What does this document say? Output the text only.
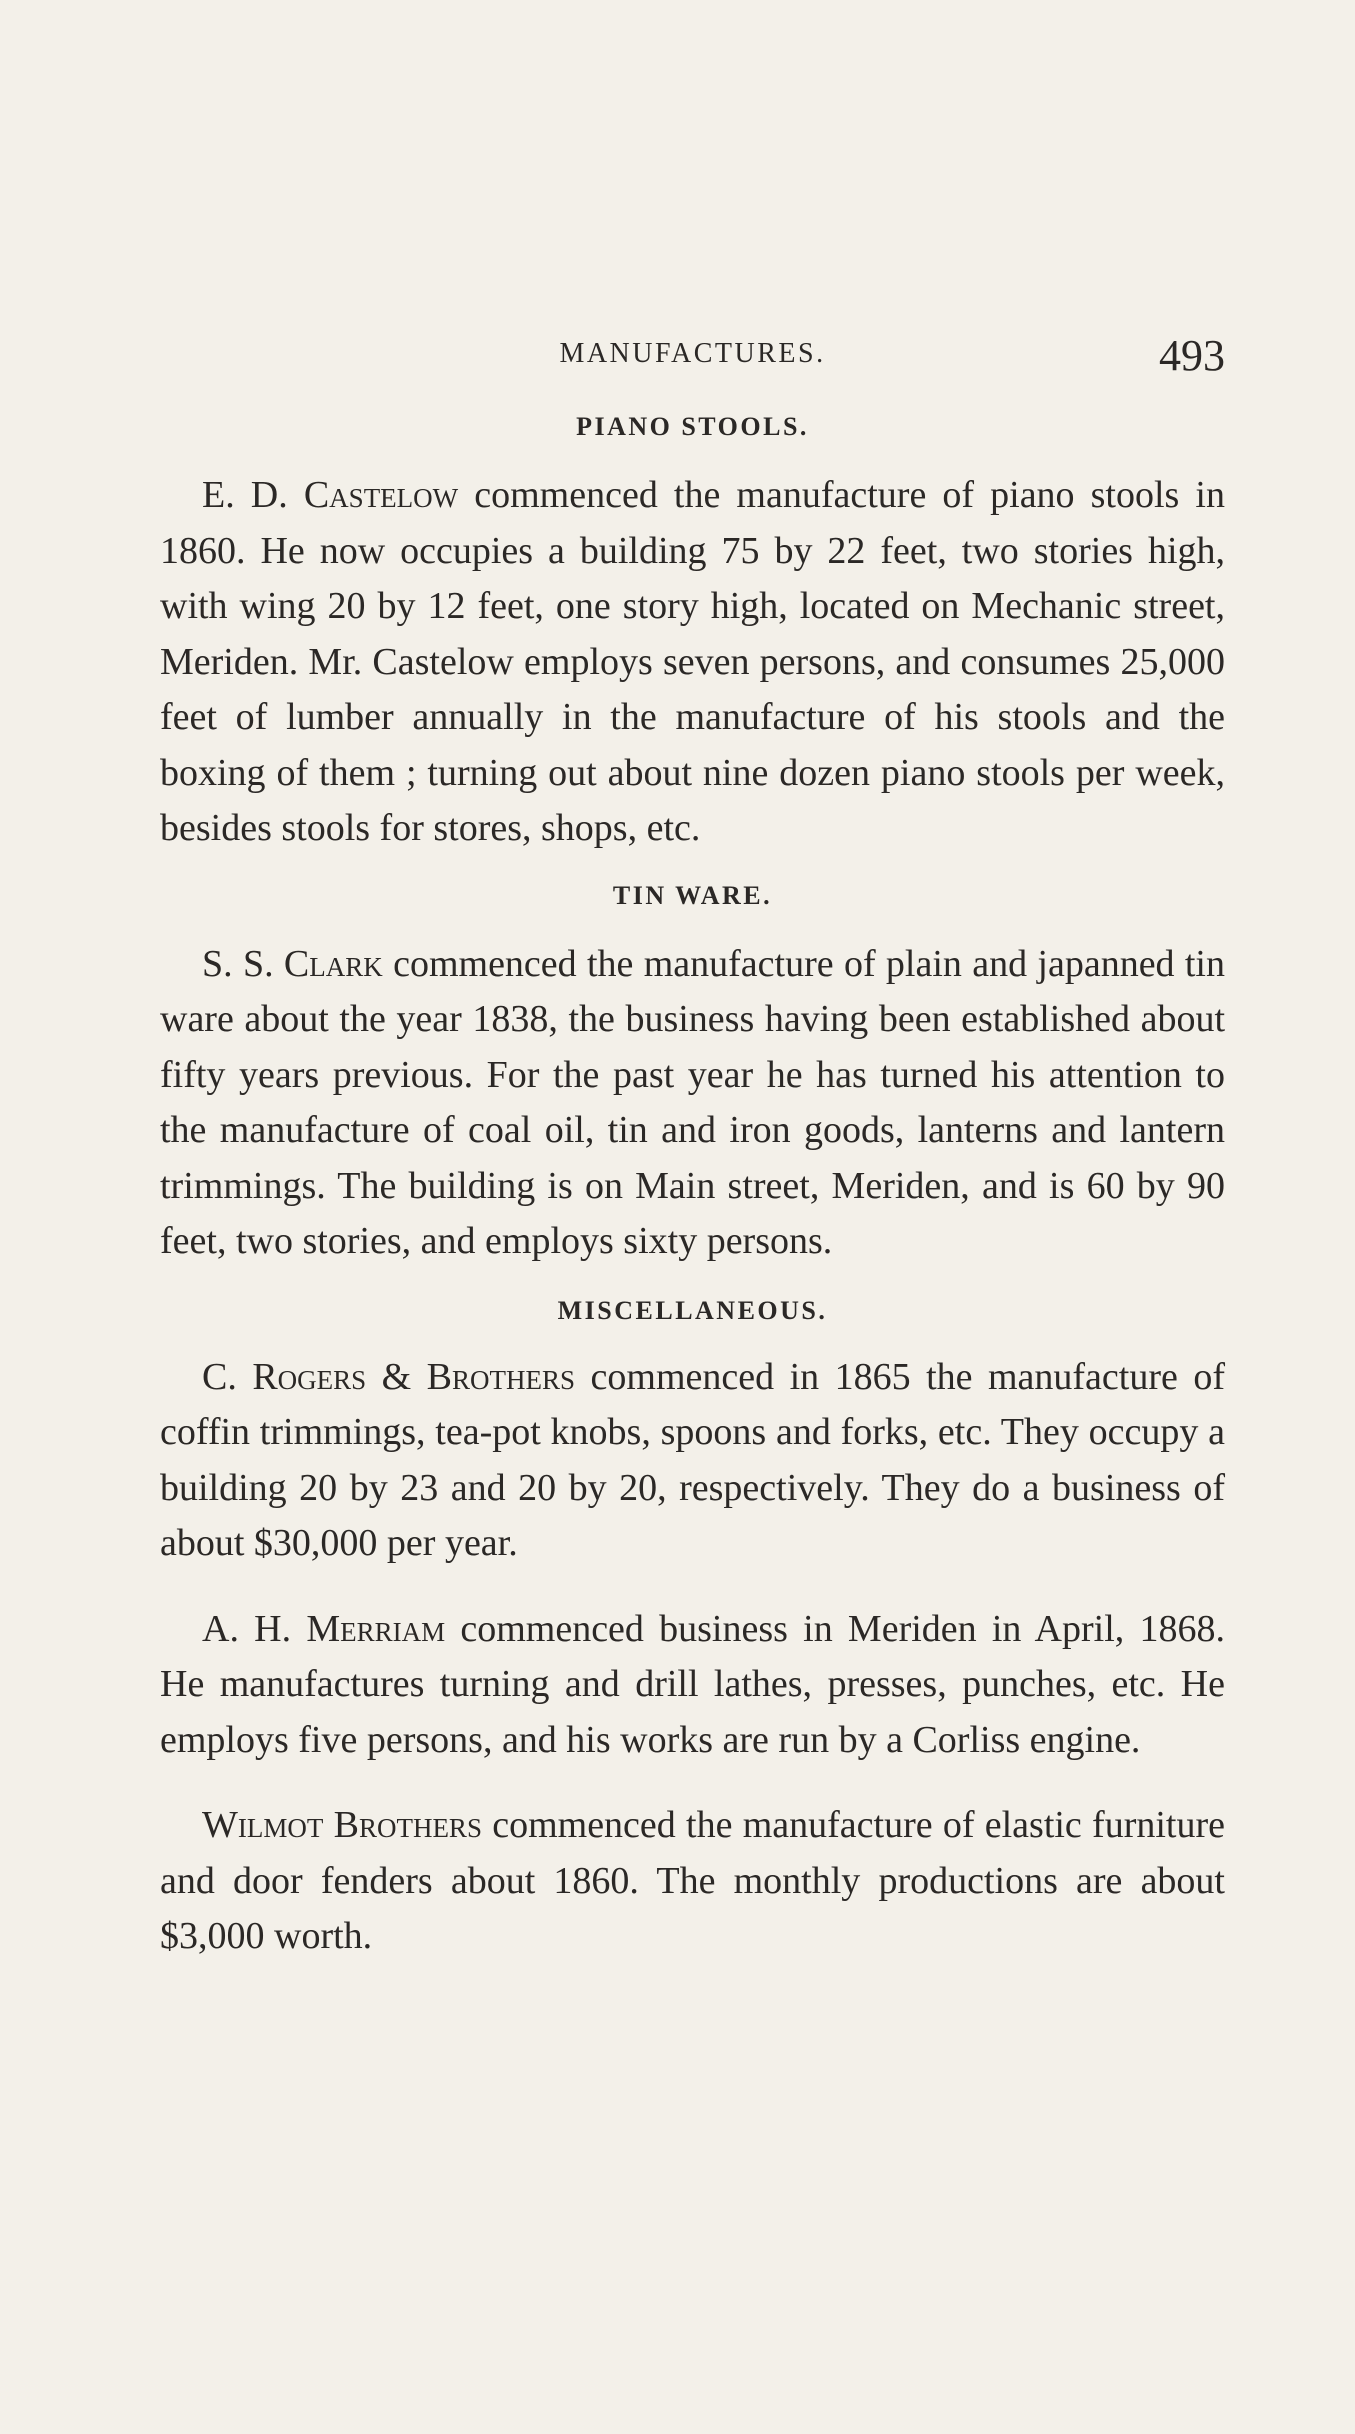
MANUFACTURES.	493
PIANO STOOLS.

E. D. Castelow commenced the manufacture of piano stools in 1860. He now occupies a building 75 by 22 feet, two stories high, with wing 20 by 12 feet, one story high, located on Mechanic street, Meriden. Mr. Castelow employs seven persons, and consumes 25,000 feet of lumber annually in the manufacture of his stools and the boxing of them ; turning out about nine dozen piano stools per week, besides stools for stores, shops, etc.

TIN WARE.

S. S. Clark commenced the manufacture of plain and japanned tin ware about the year 1838, the business having been established about fifty years previous. For the past year he has turned his attention to the manufacture of coal oil, tin and iron goods, lanterns and lantern trimmings. The building is on Main street, Meriden, and is 60 by 90 feet, two stories, and employs sixty persons.

MISCELLANEOUS.

C. Rogers & Brothers commenced in 1865 the manufacture of coffin trimmings, tea-pot knobs, spoons and forks, etc. They occupy a building 20 by 23 and 20 by 20, respectively. They do a business of about $30,000 per year.

A. H. Merriam commenced business in Meriden in April, 1868. He manufactures turning and drill lathes, presses, punches, etc. He employs five persons, and his works are run by a Corliss engine.

Wilmot Brothers commenced the manufacture of elastic furniture and door fenders about 1860. The monthly productions are about $3,000 worth.
